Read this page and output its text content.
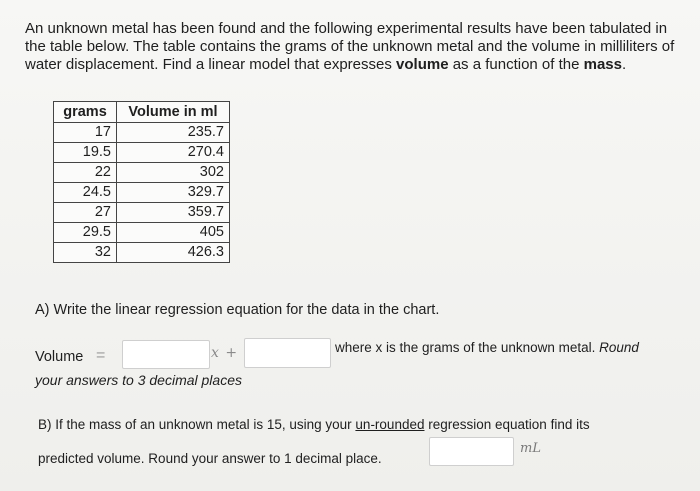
An unknown metal has been found and the following experimental results have been tabulated in the table below. The table contains the grams of the unknown metal and the volume in milliliters of water displacement. Find a linear model that expresses volume as a function of the mass.
grams	Volume in ml
17	235.7
19.5	270.4
22	302
24.5	329.7
27	359.7
29.5	405
32	426.3
A) Write the linear regression equation for the data in the chart.
Volume =	x +	where x is the grams of the unknown metal. Round
your answers to 3 decimal places
B) If the mass of an unknown metal is 15, using your un-rounded regression equation find its
predicted volume. Round your answer to 1 decimal place.
mL
